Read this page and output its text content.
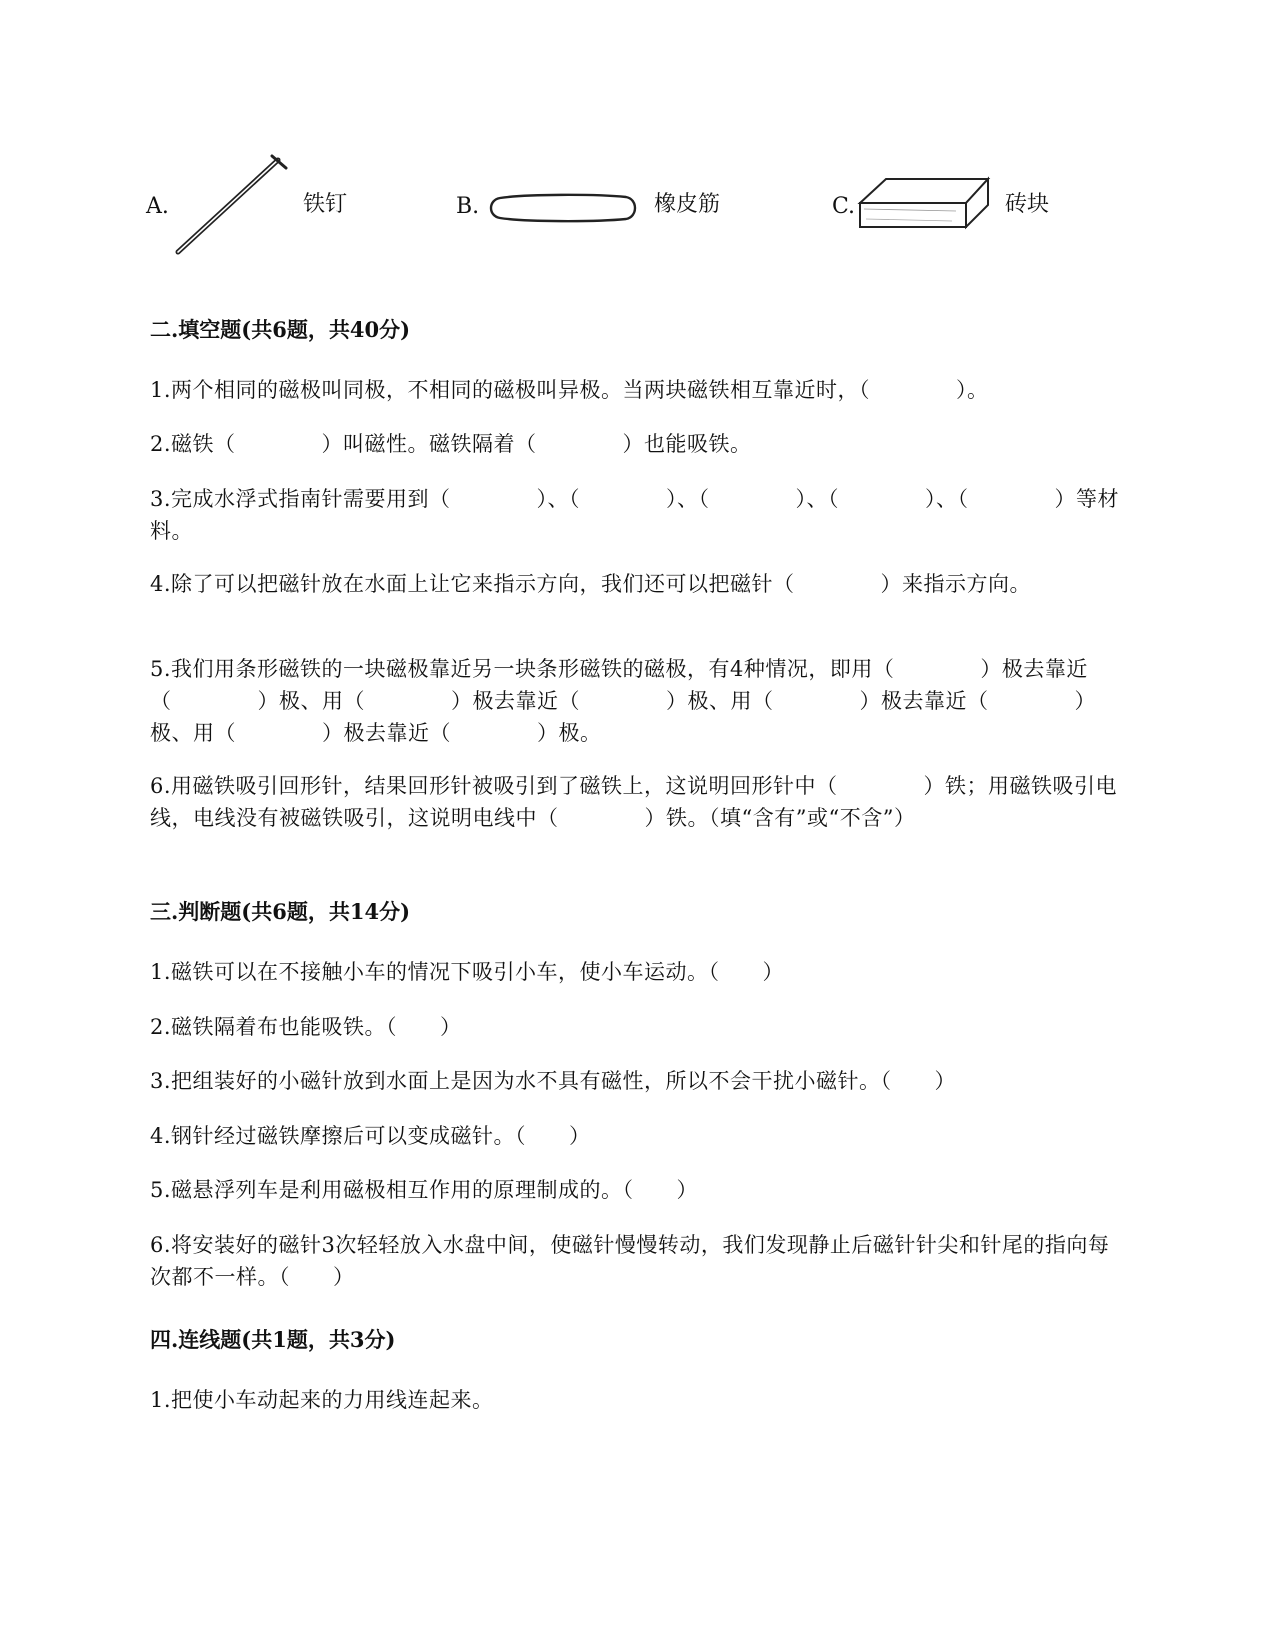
A.	铁钉	B.	橡皮筋	C.	砖块
二.填空题(共6题，共40分)
1.两个相同的磁极叫同极，不相同的磁极叫异极。当两块磁铁相互靠近时，（　　　　）。
2.磁铁（　　　　）叫磁性。磁铁隔着（　　　　）也能吸铁。
3.完成水浮式指南针需要用到（　　　　）、（　　　　）、（　　　　）、（　　　　）、（　　　　）等材料。
4.除了可以把磁针放在水面上让它来指示方向，我们还可以把磁针（　　　　）来指示方向。
5.我们用条形磁铁的一块磁极靠近另一块条形磁铁的磁极，有4种情况，即用（　　　　）极去靠近（　　　　）极、用（　　　　）极去靠近（　　　　）极、用（　　　　）极去靠近（　　　　）极、用（　　　　）极去靠近（　　　　）极。
6.用磁铁吸引回形针，结果回形针被吸引到了磁铁上，这说明回形针中（　　　　）铁；用磁铁吸引电线，电线没有被磁铁吸引，这说明电线中（　　　　）铁。（填“含有”或“不含”）
三.判断题(共6题，共14分)
1.磁铁可以在不接触小车的情况下吸引小车，使小车运动。（　　）
2.磁铁隔着布也能吸铁。（　　）
3.把组装好的小磁针放到水面上是因为水不具有磁性，所以不会干扰小磁针。（　　）
4.钢针经过磁铁摩擦后可以变成磁针。（　　）
5.磁悬浮列车是利用磁极相互作用的原理制成的。（　　）
6.将安装好的磁针3次轻轻放入水盘中间，使磁针慢慢转动，我们发现静止后磁针针尖和针尾的指向每次都不一样。（　　）
四.连线题(共1题，共3分)
1.把使小车动起来的力用线连起来。
